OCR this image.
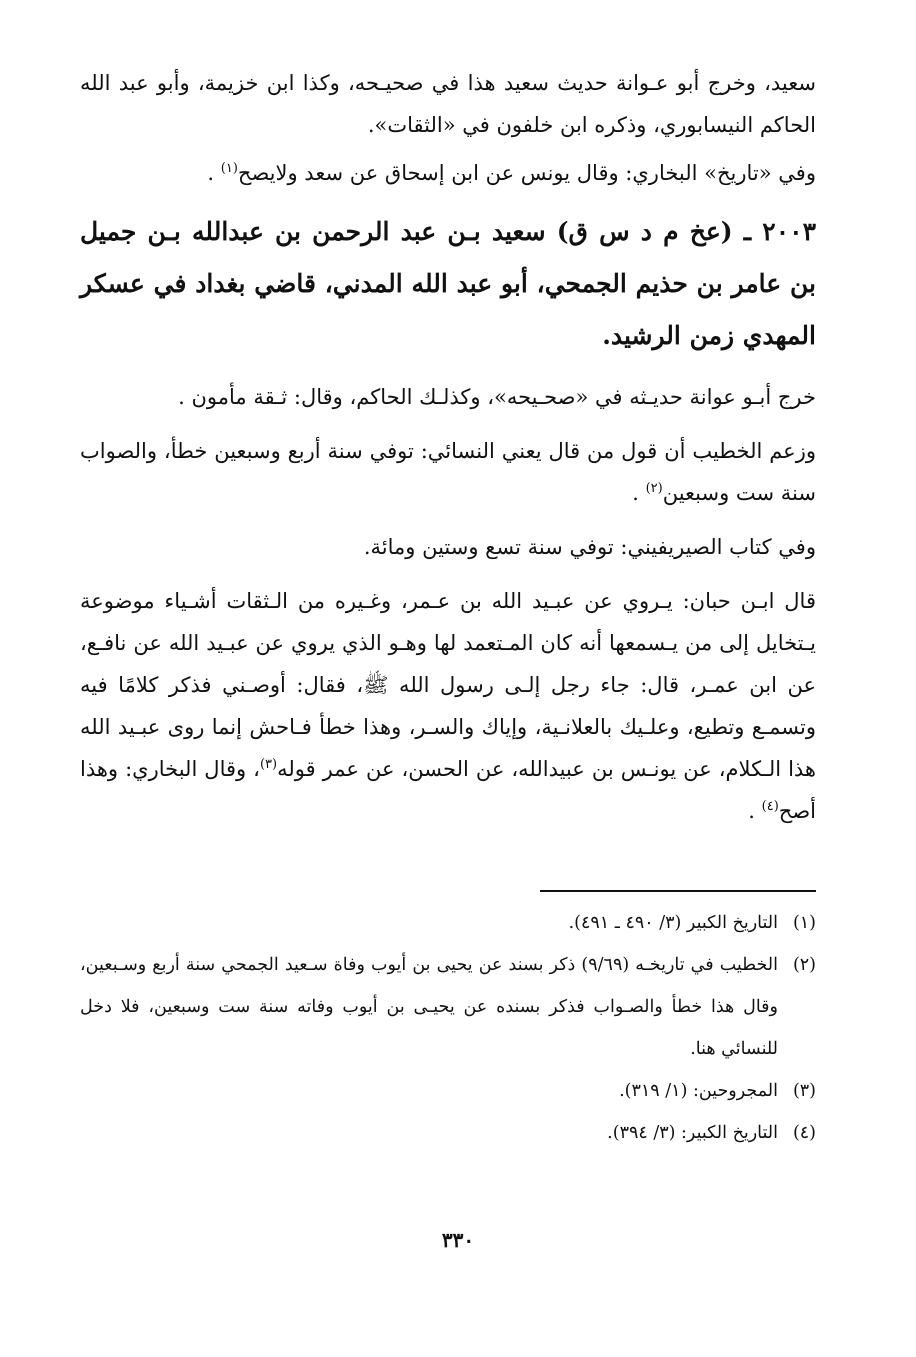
سعيد، وخرج أبو عـوانة حديث سعيد هذا في صحيـحه، وكذا ابن خزيمة، وأبو عبد الله الحاكم النيسابوري، وذكره ابن خلفون في «الثقات».

وفي «تاريخ» البخاري: وقال يونس عن ابن إسحاق عن سعد ولايصح$^{(١)}$ .

٢٠٠٣ ـ (عخ م د س ق) سعيد بـن عبد الرحمن بن عبدالله بـن جميل بن عامر بن حذيم الجمحي، أبو عبد الله المدني، قاضي بغداد في عسكر المهدي زمن الرشيد.

خرج أبـو عوانة حديـثه في «صحـيحه»، وكذلـك الحاكم، وقال: ثـقة مأمون .

وزعم الخطيب أن قول من قال يعني النسائي: توفي سنة أربع وسبعين خطأ، والصواب سنة ست وسبعين$^{(٢)}$ .

وفي كتاب الصيريفيني: توفي سنة تسع وستين ومائة.

قال ابـن حبان: يـروي عن عبـيد الله بن عـمر، وغـيره من الـثقات أشـياء موضوعة يـتخايل إلى من يـسمعها أنه كان المـتعمد لها وهـو الذي يروي عن عبـيد الله عن نافـع، عن ابن عمـر، قال: جاء رجل إلـى رسول الله ﷺ، فقال: أوصـني فذكر كلامًا فيه وتسمـع وتطيع، وعلـيك بالعلانـية، وإياك والسـر، وهذا خطأ فـاحش إنما روى عبـيد الله هذا الـكلام، عن يونـس بن عبيدالله، عن الحسن، عن عمر قوله$^{(٣)}$، وقال البخاري: وهذا أصح$^{(٤)}$ .

(١)
التاريخ الكبير (٣/ ٤٩٠ ـ ٤٩١).
(٢)
الخطيب في تاريخـه (٩/٦٩) ذكر بسند عن يحيى بن أيوب وفاة سـعيد الجمحي سنة أربع وسـبعين، وقال هذا خطأ والصـواب فذكر بسنده عن يحيـى بن أيوب وفاته سنة ست وسبعين، فلا دخل للنسائي هنا.
(٣)
المجروحين: (١/ ٣١٩).
(٤)
التاريخ الكبير: (٣/ ٣٩٤).
٣٣٠
